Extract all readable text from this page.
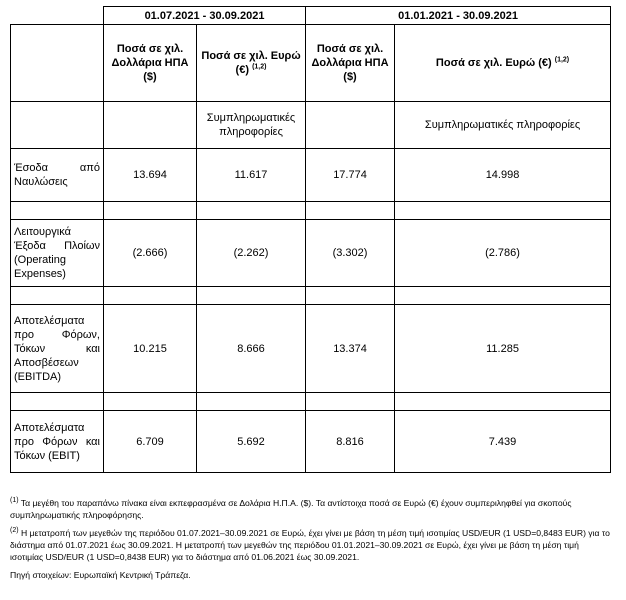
	01.07.2021 - 30.09.2021		01.01.2021 - 30.09.2021	
	Ποσά σε χιλ. Δολλάρια ΗΠΑ ($)	Ποσά σε χιλ. Ευρώ (€) $^{(1,2)}$	Ποσά σε χιλ. Δολλάρια ΗΠΑ ($)	Ποσά σε χιλ. Ευρώ (€) $^{(1,2)}$
		Συμπληρωματικές πληροφορίες		Συμπληρωματικές πληροφορίες
Έσοδα από Ναυλώσεις	13.694	11.617	17.774	14.998

Λειτουργικά Έξοδα Πλοίων (Operating Expenses)	(2.666)	(2.262)	(3.302)	(2.786)

Αποτελέσματα προ Φόρων, Τόκων και Αποσβέσεων (EBITDA)	10.215	8.666	13.374	11.285

Αποτελέσματα προ Φόρων και Τόκων (EBIT)	6.709	5.692	8.816	7.439

$^{(1)}$ Τα μεγέθη του παραπάνω πίνακα είναι εκπεφρασμένα σε Δολάρια Η.Π.Α. ($). Τα αντίστοιχα ποσά σε Ευρώ (€) έχουν συμπεριληφθεί για σκοπούς συμπληρωματικής πληροφόρησης.

$^{(2)}$ Η μετατροπή των μεγεθών της περιόδου 01.07.2021–30.09.2021 σε Ευρώ, έχει γίνει με βάση τη μέση τιμή ισοτιμίας USD/EUR (1 USD=0,8483 EUR) για το διάστημα από 01.07.2021 έως 30.09.2021. Η μετατροπή των μεγεθών της περιόδου 01.01.2021–30.09.2021 σε Ευρώ, έχει γίνει με βάση τη μέση τιμή ισοτιμίας USD/EUR (1 USD=0,8438 EUR) για το διάστημα από 01.06.2021 έως 30.09.2021.

Πηγή στοιχείων: Ευρωπαϊκή Κεντρική Τράπεζα.
